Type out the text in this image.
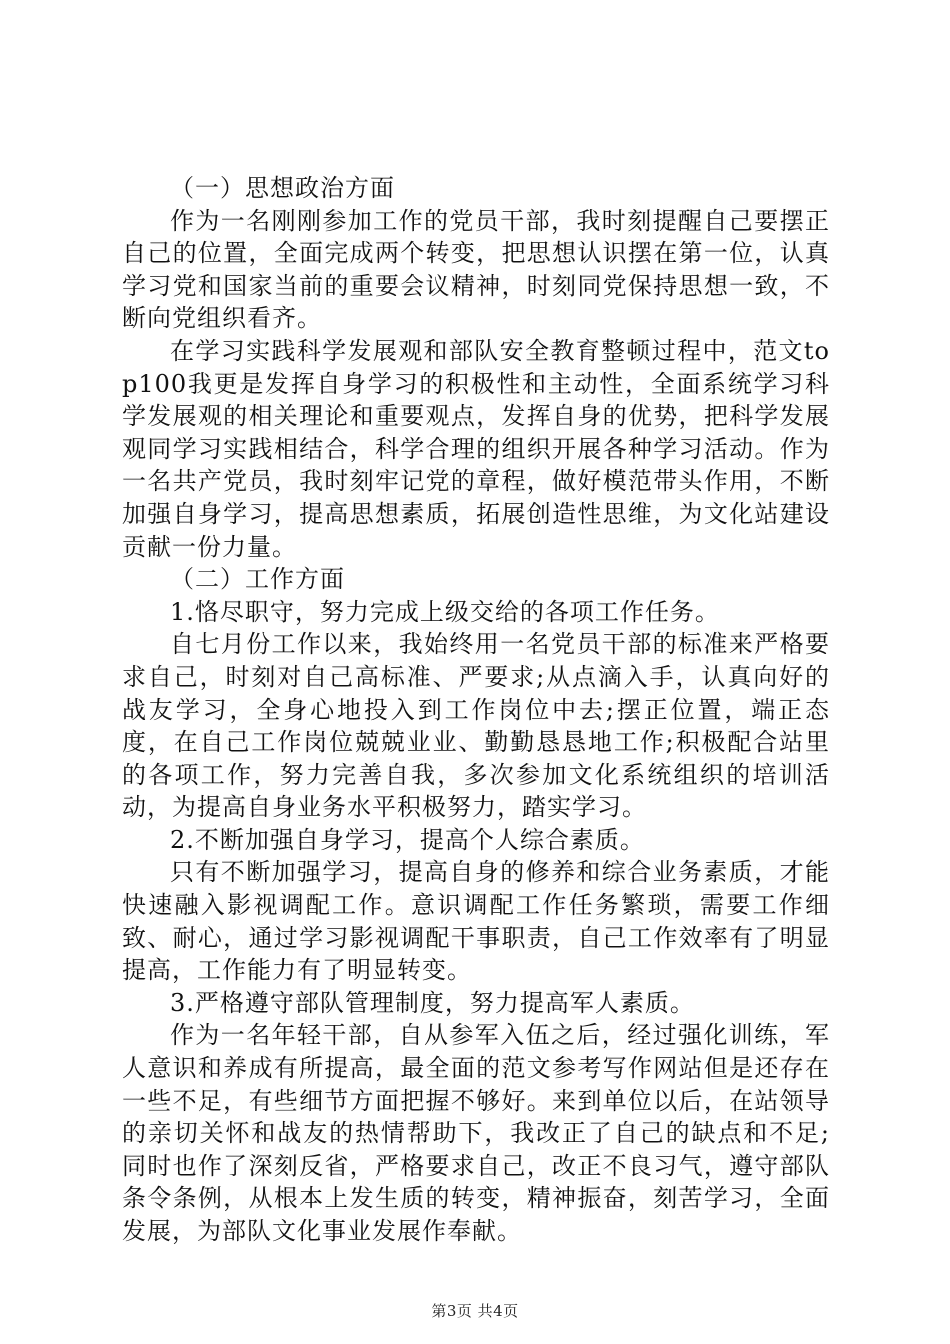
（一）思想政治方面

作为一名刚刚参加工作的党员干部，我时刻提醒自己要摆正自己的位置，全面完成两个转变，把思想认识摆在第一位，认真学习党和国家当前的重要会议精神，时刻同党保持思想一致，不断向党组织看齐。

在学习实践科学发展观和部队安全教育整顿过程中，范文top100我更是发挥自身学习的积极性和主动性，全面系统学习科学发展观的相关理论和重要观点，发挥自身的优势，把科学发展观同学习实践相结合，科学合理的组织开展各种学习活动。作为一名共产党员，我时刻牢记党的章程，做好模范带头作用，不断加强自身学习，提高思想素质，拓展创造性思维，为文化站建设贡献一份力量。

（二）工作方面

1.恪尽职守，努力完成上级交给的各项工作任务。

自七月份工作以来，我始终用一名党员干部的标准来严格要求自己，时刻对自己高标准、严要求;从点滴入手，认真向好的战友学习，全身心地投入到工作岗位中去;摆正位置，端正态度，在自己工作岗位兢兢业业、勤勤恳恳地工作;积极配合站里的各项工作，努力完善自我，多次参加文化系统组织的培训活动，为提高自身业务水平积极努力，踏实学习。

2.不断加强自身学习，提高个人综合素质。

只有不断加强学习，提高自身的修养和综合业务素质，才能快速融入影视调配工作。意识调配工作任务繁琐，需要工作细致、耐心，通过学习影视调配干事职责，自己工作效率有了明显提高，工作能力有了明显转变。

3.严格遵守部队管理制度，努力提高军人素质。

作为一名年轻干部，自从参军入伍之后，经过强化训练，军人意识和养成有所提高，最全面的范文参考写作网站但是还存在一些不足，有些细节方面把握不够好。来到单位以后，在站领导的亲切关怀和战友的热情帮助下，我改正了自己的缺点和不足;同时也作了深刻反省，严格要求自己，改正不良习气，遵守部队条令条例，从根本上发生质的转变，精神振奋，刻苦学习，全面发展，为部队文化事业发展作奉献。

第3页 共4页
